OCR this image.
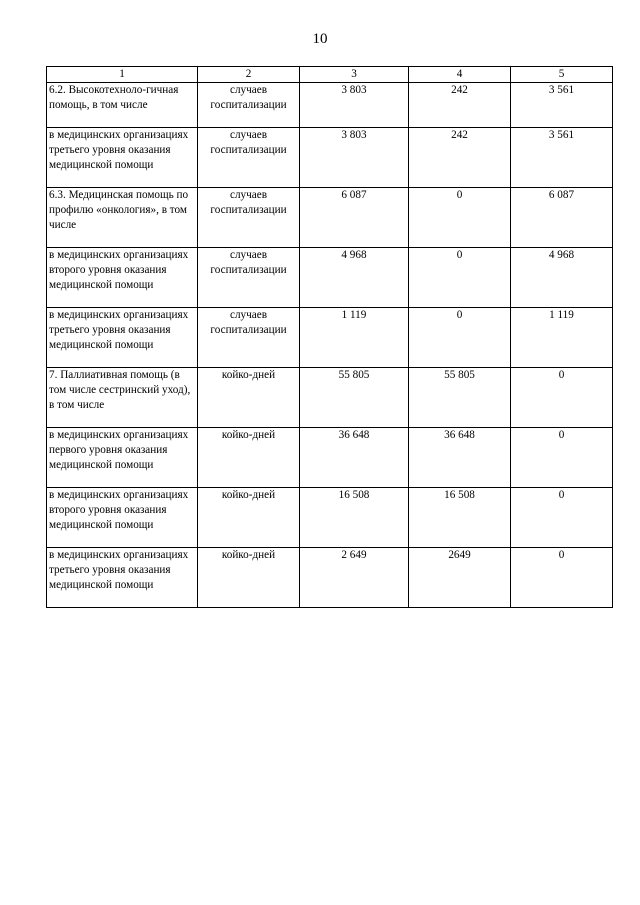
10
1	2	3	4	5
6.2. Высокотехноло-гичная помощь, в том числе	случаев госпитализации	3 803	242	3 561
в медицинских организациях третьего уровня оказания медицинской помощи	случаев госпитализации	3 803	242	3 561
6.3. Медицинская помощь по профилю «онкология», в том числе	случаев госпитализации	6 087	0	6 087
в медицинских организациях второго уровня оказания медицинской помощи	случаев госпитализации	4 968	0	4 968
в медицинских организациях третьего уровня оказания медицинской помощи	случаев госпитализации	1 119	0	1 119
7. Паллиативная помощь (в том числе сестринский уход), в том числе	койко-дней	55 805	55 805	0
в медицинских организациях первого уровня оказания медицинской помощи	койко-дней	36 648	36 648	0
в медицинских организациях второго уровня оказания медицинской помощи	койко-дней	16 508	16 508	0
в медицинских организациях третьего уровня оказания медицинской помощи	койко-дней	2 649	2649	0
